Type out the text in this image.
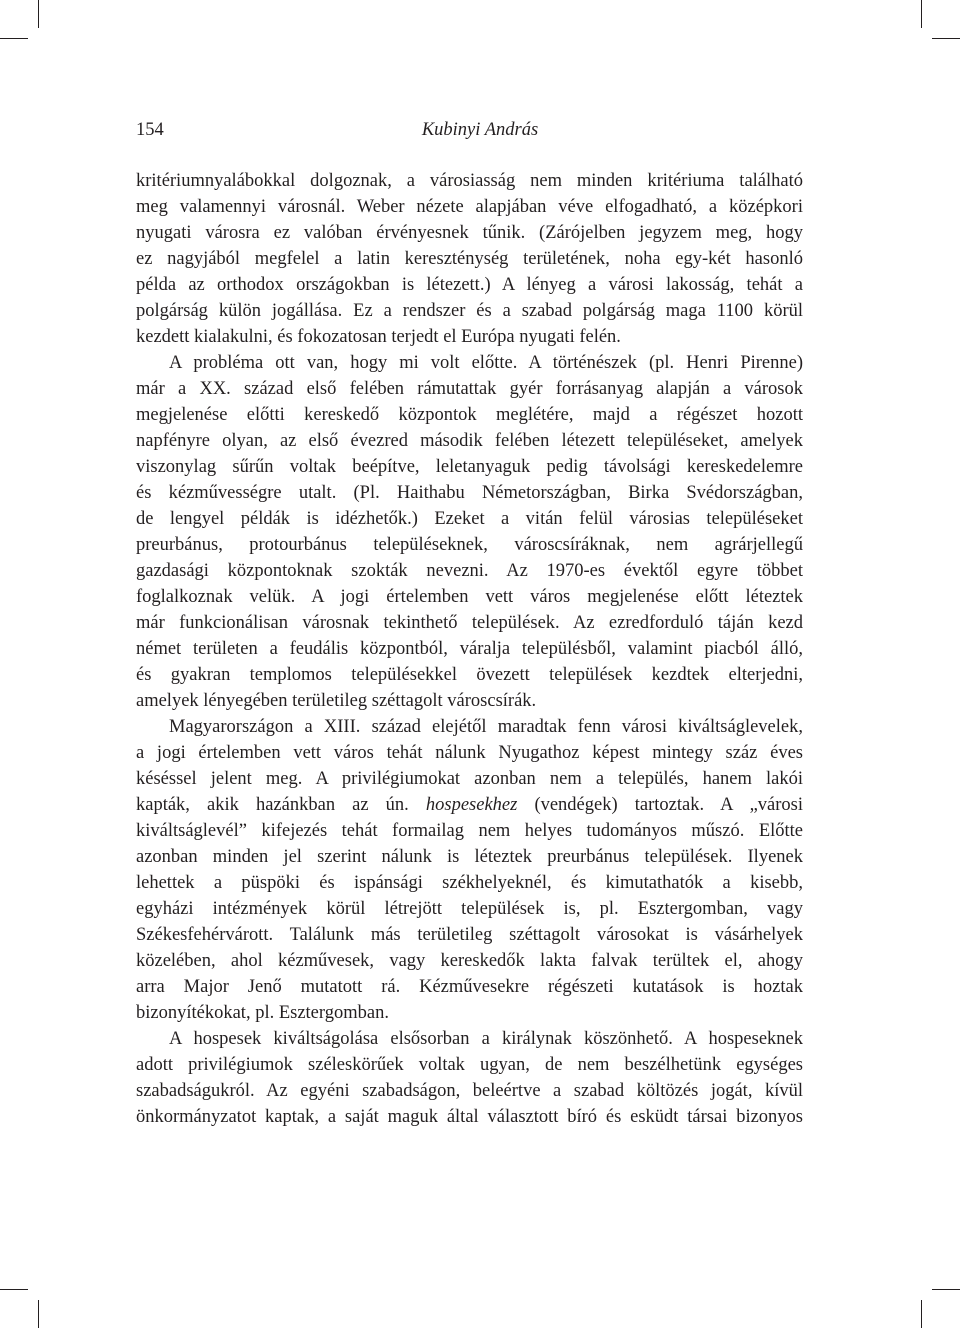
154	Kubinyi András

kritériumnyalábokkal dolgoznak, a városiasság nem minden kritériuma található
meg valamennyi városnál. Weber nézete alapjában véve elfogadható, a középkori
nyugati városra ez valóban érvényesnek tűnik. (Zárójelben jegyzem meg, hogy
ez nagyjából megfelel a latin kereszténység területének, noha egy-két hasonló
példa az orthodox országokban is létezett.) A lényeg a városi lakosság, tehát a
polgárság külön jogállása. Ez a rendszer és a szabad polgárság maga 1100 körül
kezdett kialakulni, és fokozatosan terjedt el Európa nyugati felén.
A probléma ott van, hogy mi volt előtte. A történészek (pl. Henri Pirenne)
már a XX. század első felében rámutattak gyér forrásanyag alapján a városok
megjelenése előtti kereskedő központok meglétére, majd a régészet hozott
napfényre olyan, az első évezred második felében létezett településeket, amelyek
viszonylag sűrűn voltak beépítve, leletanyaguk pedig távolsági kereskedelemre
és kézművességre utalt. (Pl. Haithabu Németországban, Birka Svédországban,
de lengyel példák is idézhetők.) Ezeket a vitán felül városias településeket
preurbánus, protourbánus településeknek, városcsíráknak, nem agrárjellegű
gazdasági központoknak szokták nevezni. Az 1970-es évektől egyre többet
foglalkoznak velük. A jogi értelemben vett város megjelenése előtt léteztek
már funkcionálisan városnak tekinthető települések. Az ezredforduló táján kezd
német területen a feudális központból, váralja településből, valamint piacból álló,
és gyakran templomos településekkel övezett települések kezdtek elterjedni,
amelyek lényegében területileg széttagolt városcsírák.
Magyarországon a XIII. század elejétől maradtak fenn városi kiváltságlevelek,
a jogi értelemben vett város tehát nálunk Nyugathoz képest mintegy száz éves
késéssel jelent meg. A privilégiumokat azonban nem a település, hanem lakói
kapták, akik hazánkban az ún. hospesekhez (vendégek) tartoztak. A „városi
kiváltságlevél” kifejezés tehát formailag nem helyes tudományos műszó. Előtte
azonban minden jel szerint nálunk is léteztek preurbánus települések. Ilyenek
lehettek a püspöki és ispánsági székhelyeknél, és kimutathatók a kisebb,
egyházi intézmények körül létrejött települések is, pl. Esztergomban, vagy
Székesfehérvárott. Találunk más területileg széttagolt városokat is vásárhelyek
közelében, ahol kézművesek, vagy kereskedők lakta falvak terültek el, ahogy
arra Major Jenő mutatott rá. Kézművesekre régészeti kutatások is hoztak
bizonyítékokat, pl. Esztergomban.
A hospesek kiváltságolása elsősorban a királynak köszönhető. A hospeseknek
adott privilégiumok széleskörűek voltak ugyan, de nem beszélhetünk egységes
szabadságukról. Az egyéni szabadságon, beleértve a szabad költözés jogát, kívül
önkormányzatot kaptak, a saját maguk által választott bíró és esküdt társai bizonyos
